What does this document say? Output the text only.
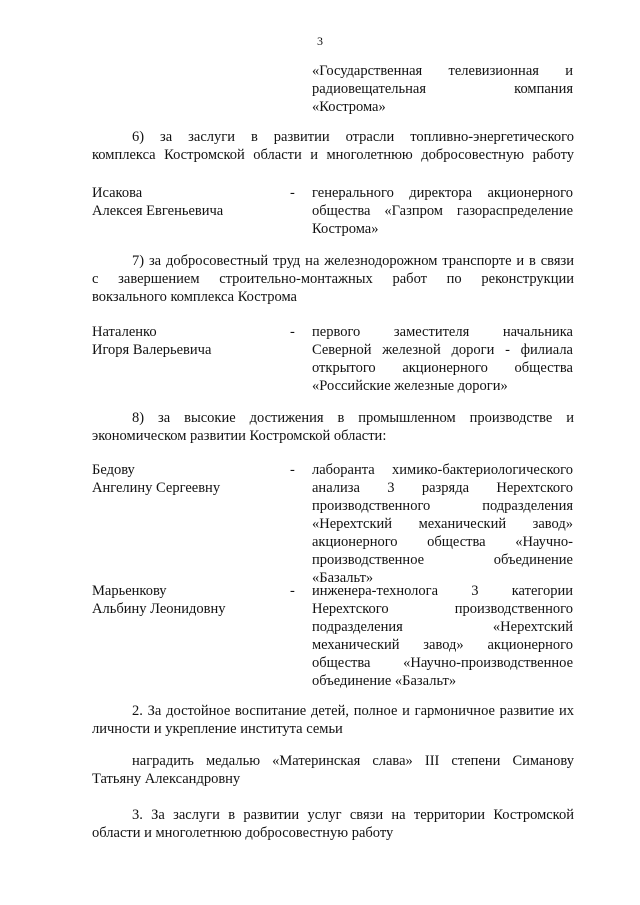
3
«Государственная телевизионная и
радиовещательная компания
«Кострома»
6) за заслуги в развитии отрасли топливно-энергетического
комплекса Костромской области и многолетнюю добросовестную работу
Исакова
Алексея Евгеньевича
- генерального директора акционерного
общества «Газпром газораспределение
Кострома»
7) за добросовестный труд на железнодорожном транспорте и в связи
с завершением строительно-монтажных работ по реконструкции
вокзального комплекса Кострома
Наталенко
Игоря Валерьевича
- первого заместителя начальника
Северной железной дороги - филиала
открытого акционерного общества
«Российские железные дороги»
8) за высокие достижения в промышленном производстве и
экономическом развитии Костромской области:
Бедову
Ангелину Сергеевну
- лаборанта химико-бактериологического
анализа 3 разряда Нерехтского
производственного подразделения
«Нерехтский механический завод»
акционерного общества «Научно-
производственное объединение
«Базальт»
Марьенкову
Альбину Леонидовну
- инженера-технолога 3 категории
Нерехтского производственного
подразделения «Нерехтский
механический завод» акционерного
общества «Научно-производственное
объединение «Базальт»
2. За достойное воспитание детей, полное и гармоничное развитие их
личности и укрепление института семьи
наградить медалью «Материнская слава» III степени Симанову
Татьяну Александровну
3. За заслуги в развитии услуг связи на территории Костромской
области и многолетнюю добросовестную работу
